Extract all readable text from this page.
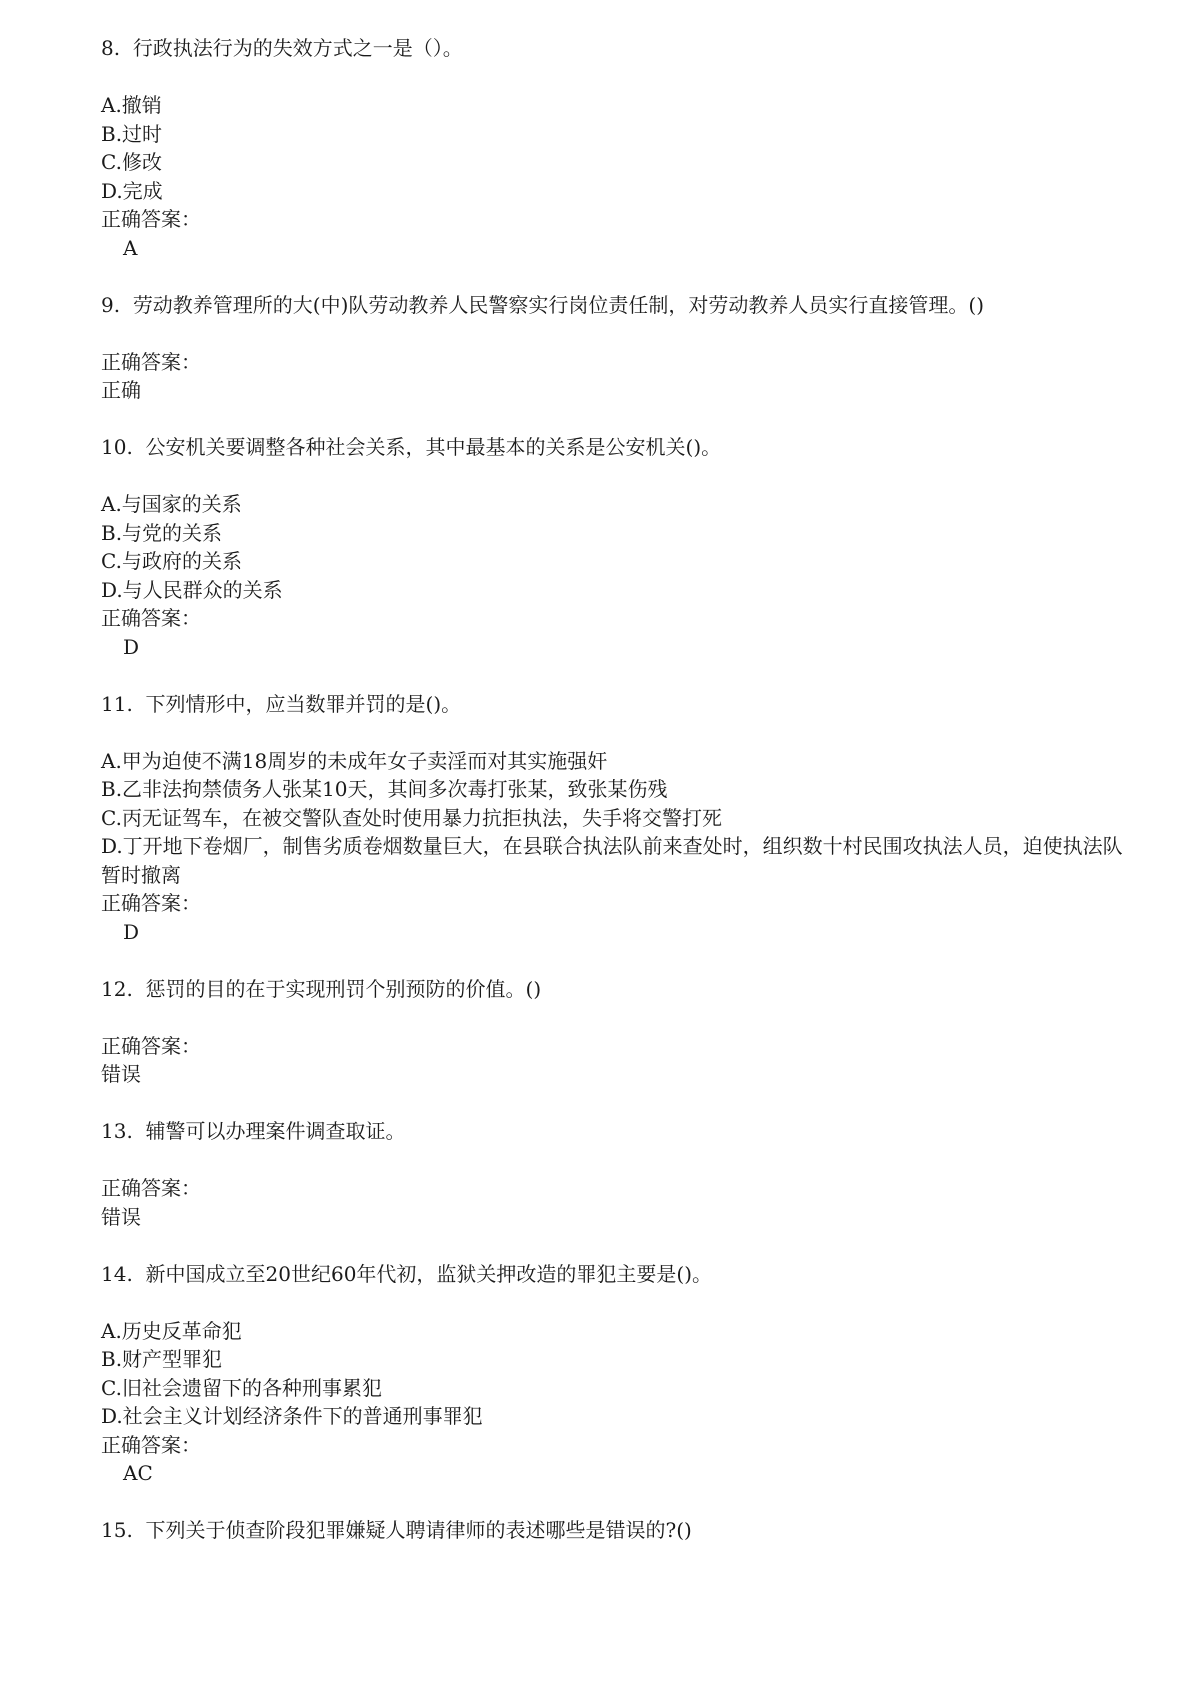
8. 行政执法行为的失效方式之一是（）。
A.撤销
B.过时
C.修改
D.完成
正确答案：
A
9. 劳动教养管理所的大(中)队劳动教养人民警察实行岗位责任制，对劳动教养人员实行直接管理。()
正确答案：
正确
10. 公安机关要调整各种社会关系，其中最基本的关系是公安机关()。
A.与国家的关系
B.与党的关系
C.与政府的关系
D.与人民群众的关系
正确答案：
D
11. 下列情形中，应当数罪并罚的是()。
A.甲为迫使不满18周岁的未成年女子卖淫而对其实施强奸
B.乙非法拘禁债务人张某10天，其间多次毒打张某，致张某伤残
C.丙无证驾车，在被交警队查处时使用暴力抗拒执法，失手将交警打死
D.丁开地下卷烟厂，制售劣质卷烟数量巨大，在县联合执法队前来查处时，组织数十村民围攻执法人员，迫使执法队暂时撤离
正确答案：
D
12. 惩罚的目的在于实现刑罚个别预防的价值。()
正确答案：
错误
13. 辅警可以办理案件调查取证。
正确答案：
错误
14. 新中国成立至20世纪60年代初，监狱关押改造的罪犯主要是()。
A.历史反革命犯
B.财产型罪犯
C.旧社会遗留下的各种刑事累犯
D.社会主义计划经济条件下的普通刑事罪犯
正确答案：
AC
15. 下列关于侦查阶段犯罪嫌疑人聘请律师的表述哪些是错误的?()
